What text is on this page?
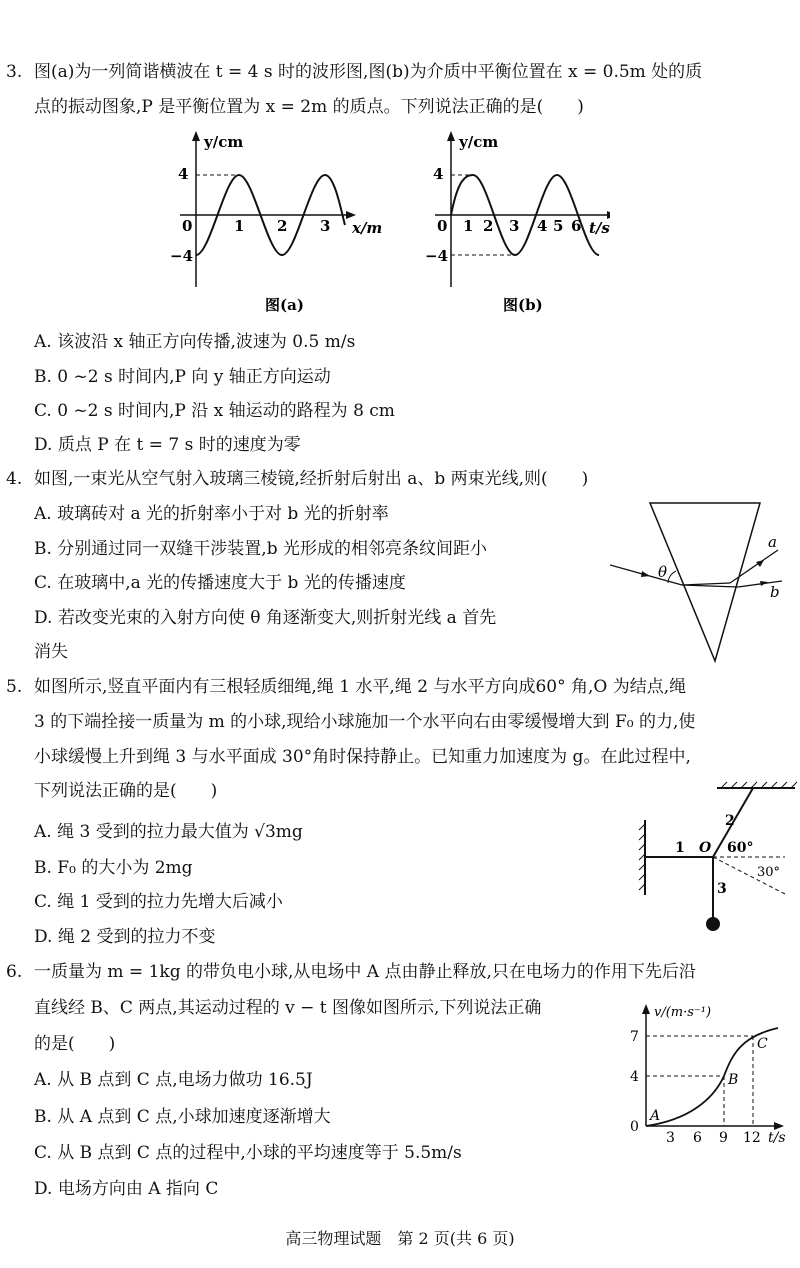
3. 图(a)为一列简谐横波在 t = 4 s 时的波形图,图(b)为介质中平衡位置在 x = 0.5m 处的质
点的振动图象,P 是平衡位置为 x = 2m 的质点。下列说法正确的是(　　)
4
−4
0	1 2 3
y/cm
x/m
图(a)
4
−4
0 1 2 3 4 5 6
y/cm
t/s
图(b)
A. 该波沿 x 轴正方向传播,波速为 0.5 m/s
B. 0 ~2 s 时间内,P 向 y 轴正方向运动
C. 0 ~2 s 时间内,P 沿 x 轴运动的路程为 8 cm
D. 质点 P 在 t = 7 s 时的速度为零
4. 如图,一束光从空气射入玻璃三棱镜,经折射后射出 a、b 两束光线,则(　　)
A. 玻璃砖对 a 光的折射率小于对 b 光的折射率
B. 分别通过同一双缝干涉装置,b 光形成的相邻亮条纹间距小
C. 在玻璃中,a 光的传播速度大于 b 光的传播速度
D. 若改变光束的入射方向使 θ 角逐渐变大,则折射光线 a 首先
消失
θ
a
b
5. 如图所示,竖直平面内有三根轻质细绳,绳 1 水平,绳 2 与水平方向成60° 角,O 为结点,绳
3 的下端拴接一质量为 m 的小球,现给小球施加一个水平向右由零缓慢增大到 F₀ 的力,使
小球缓慢上升到绳 3 与水平面成 30°角时保持静止。已知重力加速度为 g。在此过程中,
下列说法正确的是(　　)
A. 绳 3 受到的拉力最大值为 √3mg
B. F₀ 的大小为 2mg
C. 绳 1 受到的拉力先增大后减小
D. 绳 2 受到的拉力不变
1
2
3
O 60°
30°
6. 一质量为 m = 1kg 的带负电小球,从电场中 A 点由静止释放,只在电场力的作用下先后沿
直线经 B、C 两点,其运动过程的 v − t 图像如图所示,下列说法正确
的是(　　)
A. 从 B 点到 C 点,电场力做功 16.5J
B. 从 A 点到 C 点,小球加速度逐渐增大
C. 从 B 点到 C 点的过程中,小球的平均速度等于 5.5m/s
D. 电场方向由 A 指向 C
v/(m·s⁻¹)
7
4
0
3 6 9 12 t/s
A
B
C
高三物理试题　第 2 页(共 6 页)
